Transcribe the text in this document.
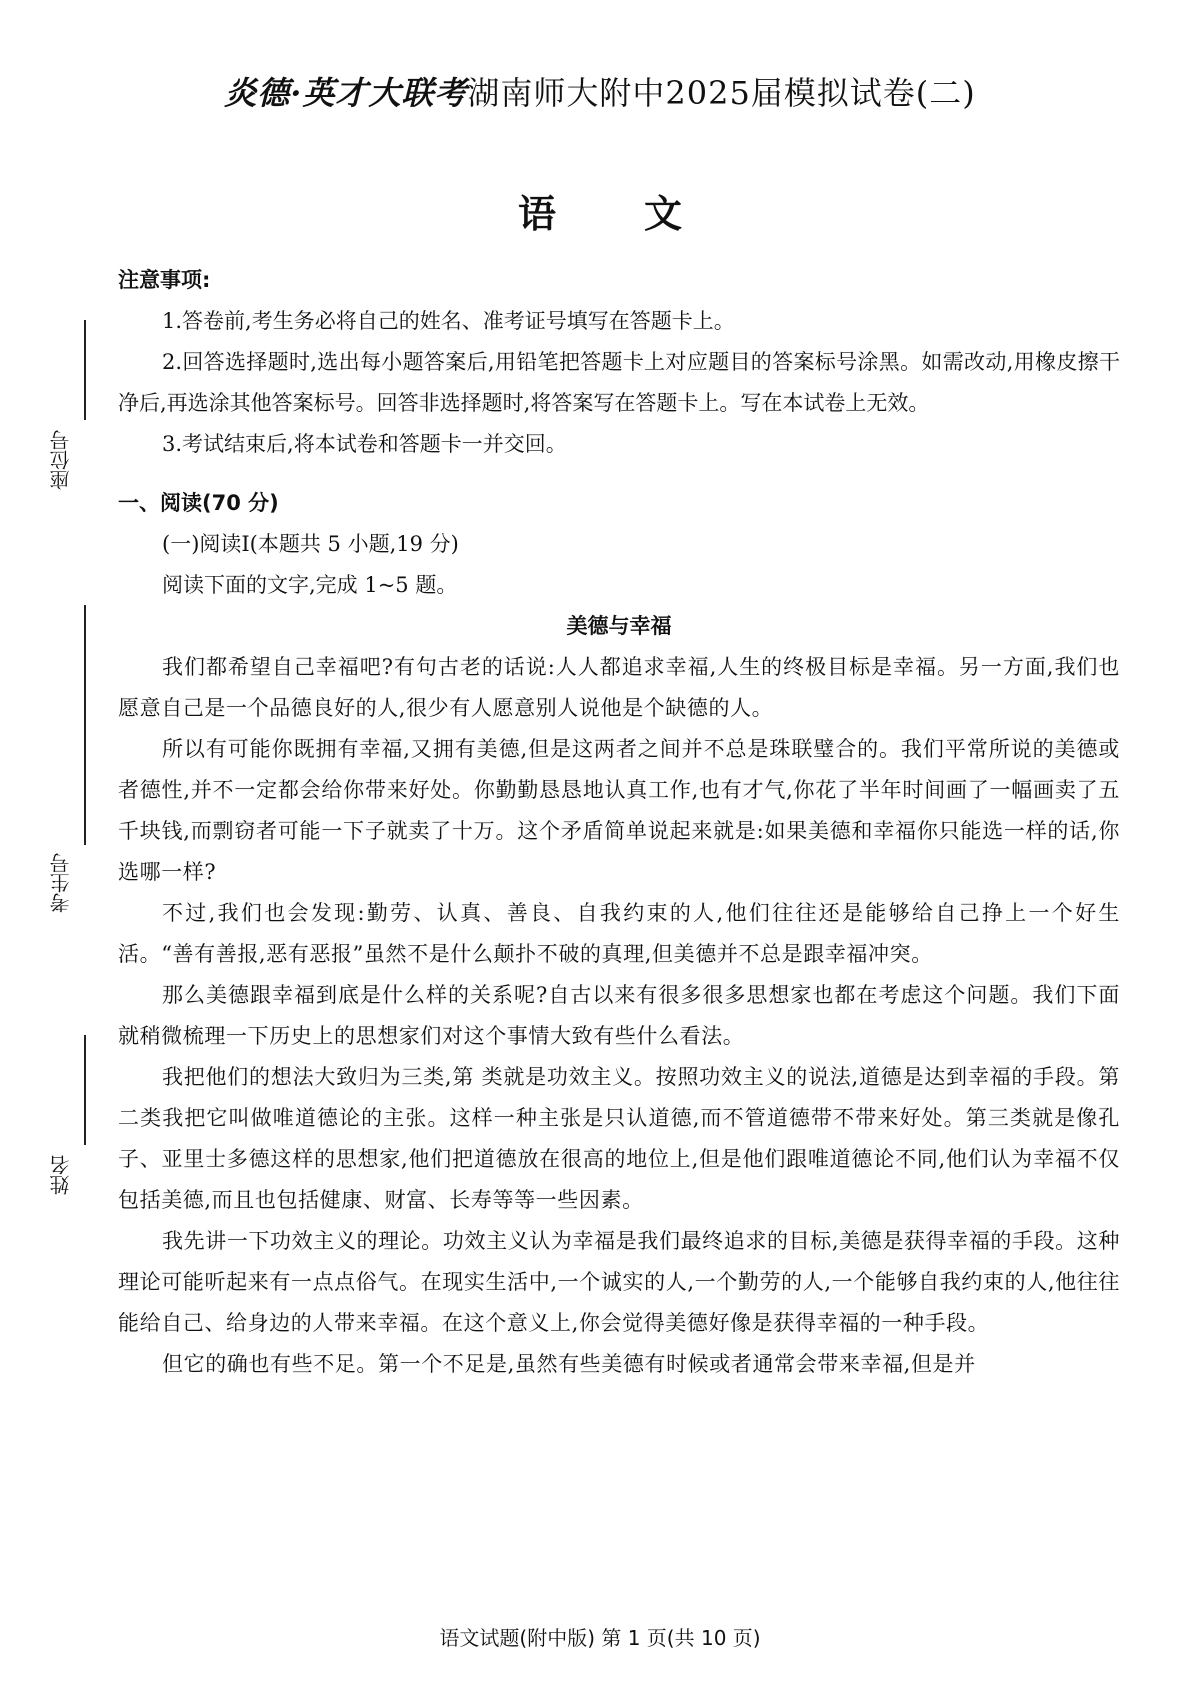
炎德·英才大联考湖南师大附中2025届模拟试卷(二)
语 文
座位号
考生号
姓名
注意事项:

1.答卷前,考生务必将自己的姓名、准考证号填写在答题卡上。

2.回答选择题时,选出每小题答案后,用铅笔把答题卡上对应题目的答案标号涂黑。如需改动,用橡皮擦干净后,再选涂其他答案标号。回答非选择题时,将答案写在答题卡上。写在本试卷上无效。

3.考试结束后,将本试卷和答题卡一并交回。

一、阅读(70 分)

(一)阅读Ⅰ(本题共 5 小题,19 分)

阅读下面的文字,完成 1~5 题。

美德与幸福

我们都希望自己幸福吧?有句古老的话说:人人都追求幸福,人生的终极目标是幸福。另一方面,我们也愿意自己是一个品德良好的人,很少有人愿意别人说他是个缺德的人。

所以有可能你既拥有幸福,又拥有美德,但是这两者之间并不总是珠联璧合的。我们平常所说的美德或者德性,并不一定都会给你带来好处。你勤勤恳恳地认真工作,也有才气,你花了半年时间画了一幅画卖了五千块钱,而剽窃者可能一下子就卖了十万。这个矛盾简单说起来就是:如果美德和幸福你只能选一样的话,你选哪一样?

不过,我们也会发现:勤劳、认真、善良、自我约束的人,他们往往还是能够给自己挣上一个好生活。“善有善报,恶有恶报”虽然不是什么颠扑不破的真理,但美德并不总是跟幸福冲突。

那么美德跟幸福到底是什么样的关系呢?自古以来有很多很多思想家也都在考虑这个问题。我们下面就稍微梳理一下历史上的思想家们对这个事情大致有些什么看法。

我把他们的想法大致归为三类,第 类就是功效主义。按照功效主义的说法,道德是达到幸福的手段。第二类我把它叫做唯道德论的主张。这样一种主张是只认道德,而不管道德带不带来好处。第三类就是像孔子、亚里士多德这样的思想家,他们把道德放在很高的地位上,但是他们跟唯道德论不同,他们认为幸福不仅包括美德,而且也包括健康、财富、长寿等等一些因素。

我先讲一下功效主义的理论。功效主义认为幸福是我们最终追求的目标,美德是获得幸福的手段。这种理论可能听起来有一点点俗气。在现实生活中,一个诚实的人,一个勤劳的人,一个能够自我约束的人,他往往能给自己、给身边的人带来幸福。在这个意义上,你会觉得美德好像是获得幸福的一种手段。

但它的确也有些不足。第一个不足是,虽然有些美德有时候或者通常会带来幸福,但是并

语文试题(附中版) 第 1 页(共 10 页)
